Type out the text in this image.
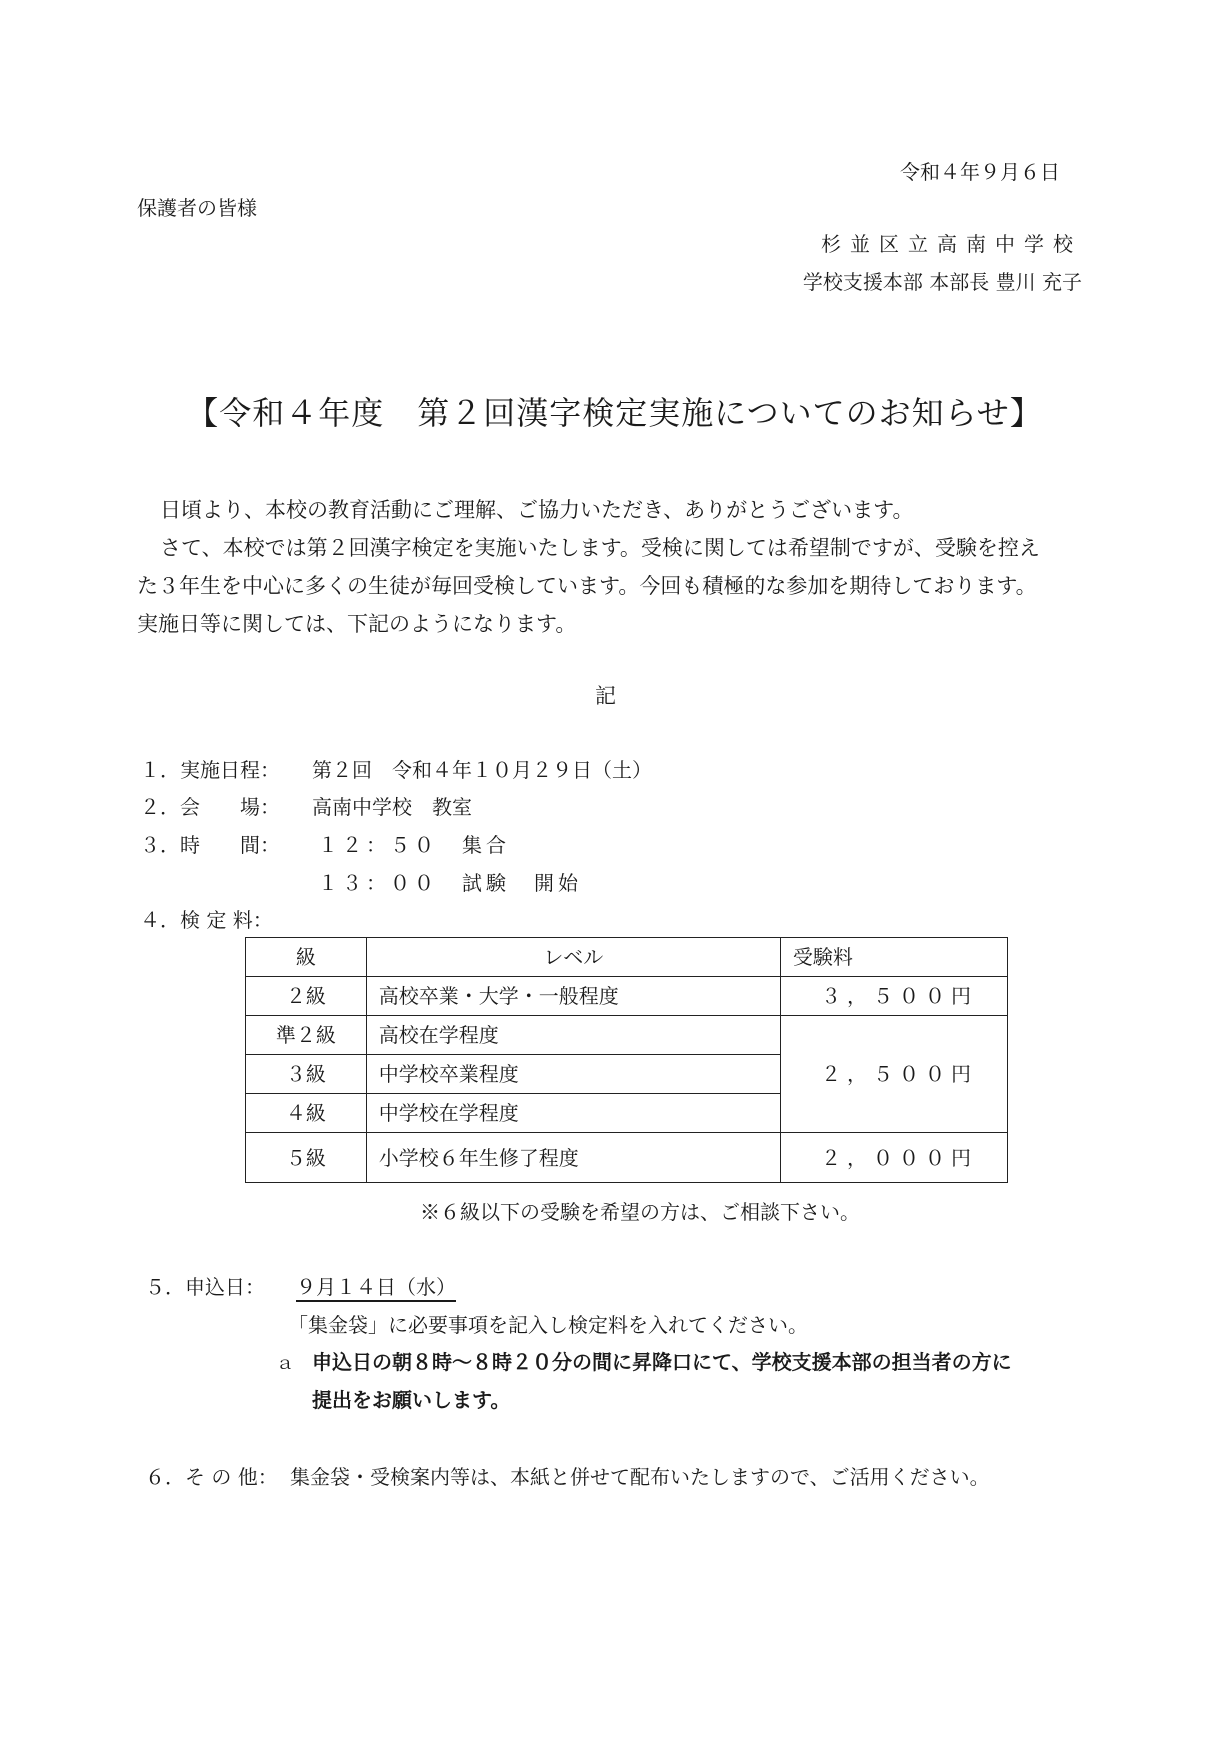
令和４年９月６日
保護者の皆様
杉並区立高南中学校
学校支援本部 本部長 豊川 充子
【令和４年度　第２回漢字検定実施についてのお知らせ】
日頃より、本校の教育活動にご理解、ご協力いただき、ありがとうございます。
さて、本校では第２回漢字検定を実施いたします。受検に関しては希望制ですが、受験を控え
た３年生を中心に多くの生徒が毎回受検しています。今回も積極的な参加を期待しております。
実施日等に関しては、下記のようになります。
記
１．実施日程： 第２回　令和４年１０月２９日（土）
２．会　　場： 高南中学校　教室
３．時　　間： １２：５０　集合
１３：００　試験　開始
４．検 定 料：
級	レベル	受験料
２級	高校卒業・大学・一般程度	３，５００円
準２級	高校在学程度	２，５００円
３級	中学校卒業程度	
４級	中学校在学程度	
５級	小学校６年生修了程度	２，０００円
※６級以下の受験を希望の方は、ご相談下さい。
５．申込日： ９月１４日（水）
「集金袋」に必要事項を記入し検定料を入れてください。
ａ 申込日の朝８時～８時２０分の間に昇降口にて、学校支援本部の担当者の方に
提出をお願いします。
６．そ の 他： 集金袋・受検案内等は、本紙と併せて配布いたしますので、ご活用ください。
